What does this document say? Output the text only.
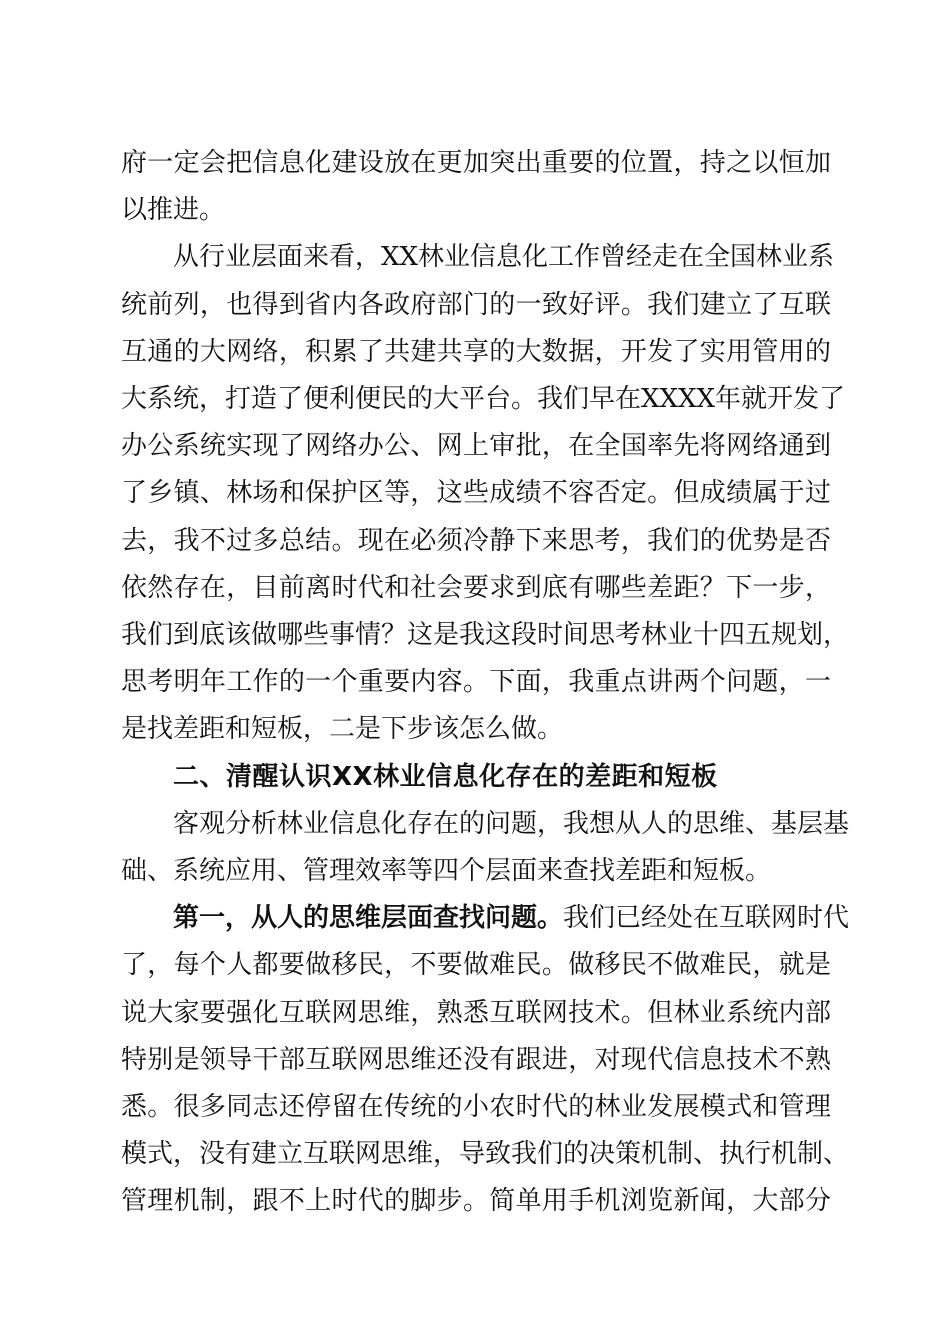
府一定会把信息化建设放在更加突出重要的位置，持之以恒加
以推进。

从行业层面来看，XX林业信息化工作曾经走在全国林业系
统前列，也得到省内各政府部门的一致好评。我们建立了互联
互通的大网络，积累了共建共享的大数据，开发了实用管用的
大系统，打造了便利便民的大平台。我们早在XXXX年就开发了
办公系统实现了网络办公、网上审批，在全国率先将网络通到
了乡镇、林场和保护区等，这些成绩不容否定。但成绩属于过
去，我不过多总结。现在必须冷静下来思考，我们的优势是否
依然存在，目前离时代和社会要求到底有哪些差距？下一步，
我们到底该做哪些事情？这是我这段时间思考林业十四五规划，
思考明年工作的一个重要内容。下面，我重点讲两个问题，一
是找差距和短板，二是下步该怎么做。

二、清醒认识XX林业信息化存在的差距和短板

客观分析林业信息化存在的问题，我想从人的思维、基层基
础、系统应用、管理效率等四个层面来查找差距和短板。

第一，从人的思维层面查找问题。我们已经处在互联网时代
了，每个人都要做移民，不要做难民。做移民不做难民，就是
说大家要强化互联网思维，熟悉互联网技术。但林业系统内部
特别是领导干部互联网思维还没有跟进，对现代信息技术不熟
悉。很多同志还停留在传统的小农时代的林业发展模式和管理
模式，没有建立互联网思维，导致我们的决策机制、执行机制、
管理机制，跟不上时代的脚步。简单用手机浏览新闻，大部分
